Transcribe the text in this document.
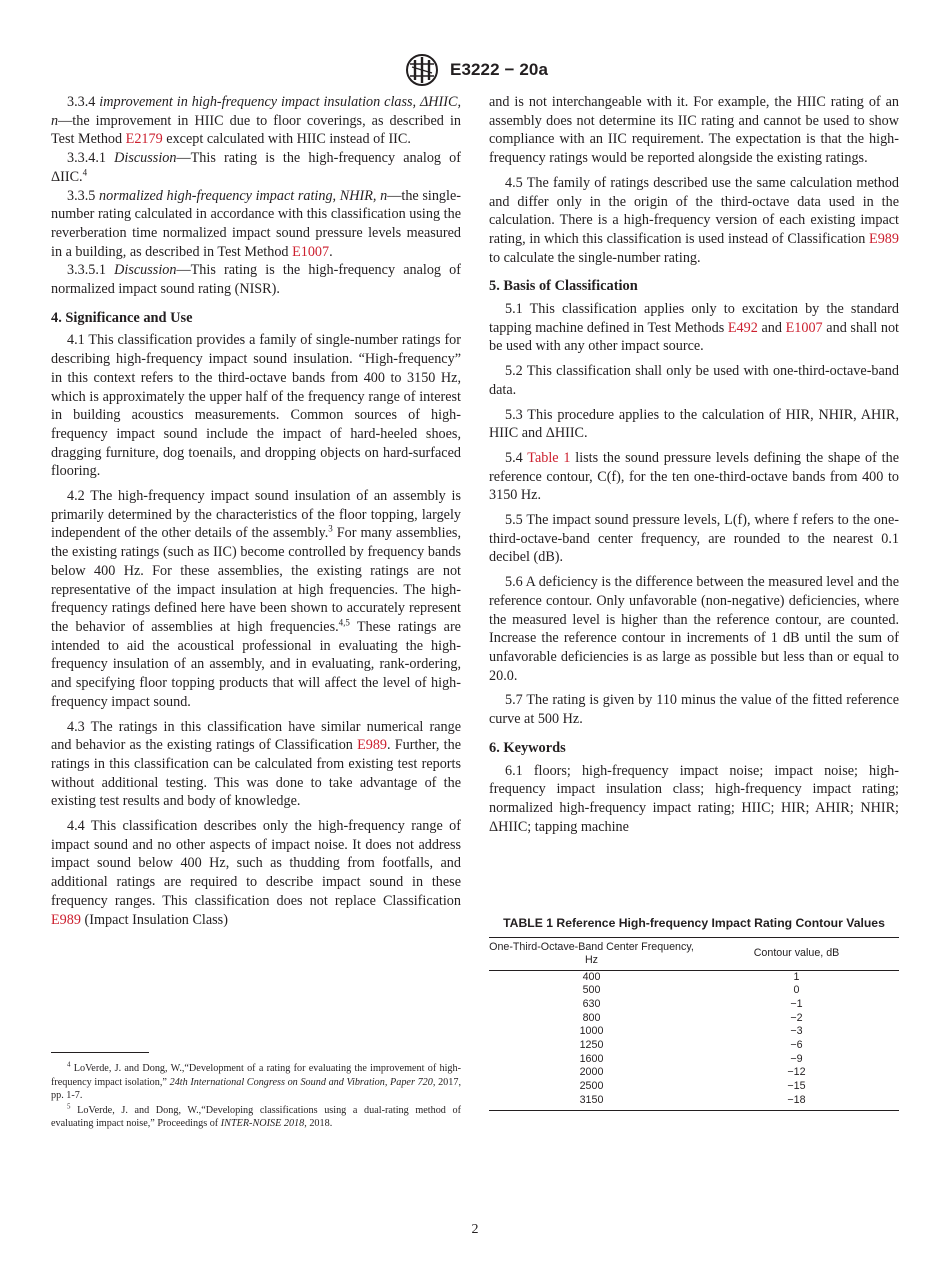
E3222 − 20a

3.3.4 improvement in high-frequency impact insulation class, ΔHIIC, n—the improvement in HIIC due to floor coverings, as described in Test Method E2179 except calculated with HIIC instead of IIC.

3.3.4.1 Discussion—This rating is the high-frequency analog of ΔIIC.$^4$

3.3.5 normalized high-frequency impact rating, NHIR, n—the single-number rating calculated in accordance with this classification using the reverberation time normalized impact sound pressure levels measured in a building, as described in Test Method E1007.

3.3.5.1 Discussion—This rating is the high-frequency analog of normalized impact sound rating (NISR).

4. Significance and Use

4.1 This classification provides a family of single-number ratings for describing high-frequency impact sound insulation. “High-frequency” in this context refers to the third-octave bands from 400 to 3150 Hz, which is approximately the upper half of the frequency range of interest in building acoustics measurements. Common sources of high-frequency impact sound include the impact of hard-heeled shoes, dragging furniture, dog toenails, and dropping objects on hard-surfaced flooring.

4.2 The high-frequency impact sound insulation of an assembly is primarily determined by the characteristics of the floor topping, largely independent of the other details of the assembly.$^3$ For many assemblies, the existing ratings (such as IIC) become controlled by frequency bands below 400 Hz. For these assemblies, the existing ratings are not representative of the impact insulation at high frequencies. The high-frequency ratings defined here have been shown to accurately represent the behavior of assemblies at high frequencies.$^{4,5}$ These ratings are intended to aid the acoustical professional in evaluating the high-frequency insulation of an assembly, and in evaluating, rank-ordering, and specifying floor topping products that will affect the level of high-frequency impact sound.

4.3 The ratings in this classification have similar numerical range and behavior as the existing ratings of Classification E989. Further, the ratings in this classification can be calculated from existing test reports without additional testing. This was done to take advantage of the existing test results and body of knowledge.

4.4 This classification describes only the high-frequency range of impact sound and no other aspects of impact noise. It does not address impact sound below 400 Hz, such as thudding from footfalls, and additional ratings are required to describe impact sound in these frequency ranges. This classification does not replace Classification E989 (Impact Insulation Class)

and is not interchangeable with it. For example, the HIIC rating of an assembly does not determine its IIC rating and cannot be used to show compliance with an IIC requirement. The expectation is that the high-frequency ratings would be reported alongside the existing ratings.

4.5 The family of ratings described use the same calculation method and differ only in the origin of the third-octave data used in the calculation. There is a high-frequency version of each existing impact rating, in which this classification is used instead of Classification E989 to calculate the single-number rating.

5. Basis of Classification

5.1 This classification applies only to excitation by the standard tapping machine defined in Test Methods E492 and E1007 and shall not be used with any other impact source.

5.2 This classification shall only be used with one-third-octave-band data.

5.3 This procedure applies to the calculation of HIR, NHIR, AHIR, HIIC and ΔHIIC.

5.4 Table 1 lists the sound pressure levels defining the shape of the reference contour, C(f), for the ten one-third-octave bands from 400 to 3150 Hz.

5.5 The impact sound pressure levels, L(f), where f refers to the one-third-octave-band center frequency, are rounded to the nearest 0.1 decibel (dB).

5.6 A deficiency is the difference between the measured level and the reference contour. Only unfavorable (non-negative) deficiencies, where the measured level is higher than the reference contour, are counted. Increase the reference contour in increments of 1 dB until the sum of unfavorable deficiencies is as large as possible but less than or equal to 20.0.

5.7 The rating is given by 110 minus the value of the fitted reference curve at 500 Hz.

6. Keywords

6.1 floors; high-frequency impact noise; impact noise; high-frequency impact insulation class; high-frequency impact rating; normalized high-frequency impact rating; HIIC; HIR; AHIR; NHIR; ΔHIIC; tapping machine

TABLE 1 Reference High-frequency Impact Rating Contour Values
One-Third-Octave-Band Center Frequency, Hz	Contour value, dB
400	1
500	0
630	−1
800	−2
1000	−3
1250	−6
1600	−9
2000	−12
2500	−15
3150	−18

$^4$ LoVerde, J. and Dong, W.,“Development of a rating for evaluating the improvement of high-frequency impact isolation,” 24th International Congress on Sound and Vibration, Paper 720, 2017, pp. 1-7.

$^5$ LoVerde, J. and Dong, W.,“Developing classifications using a dual-rating method of evaluating impact noise,” Proceedings of INTER-NOISE 2018, 2018.

2
